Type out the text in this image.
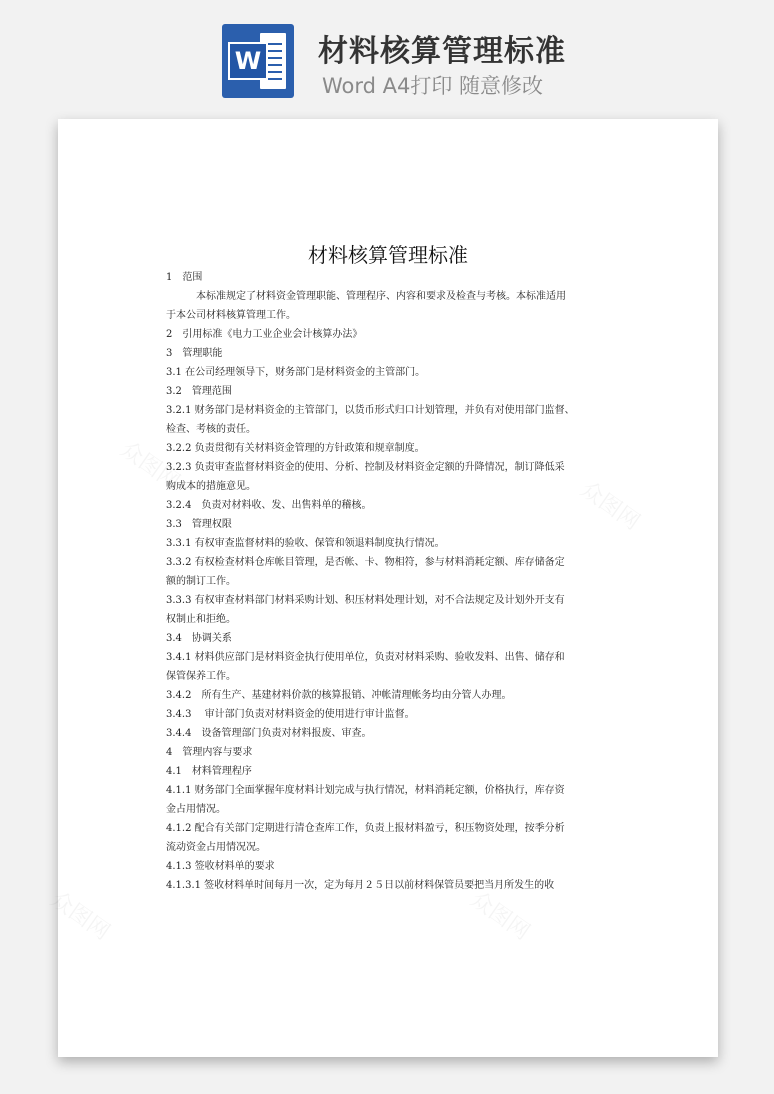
W 材料核算管理标准
Word A4打印 随意修改
材料核算管理标准

1　范围

本标准规定了材料资金管理职能、管理程序、内容和要求及检查与考核。本标准适用

于本公司材料核算管理工作。

2　引用标准《电力工业企业会计核算办法》

3　管理职能

3.1 在公司经理领导下，财务部门是材料资金的主管部门。

3.2　管理范围

3.2.1 财务部门是材料资金的主管部门，以货币形式归口计划管理，并负有对使用部门监督、

检查、考核的责任。

3.2.2 负责贯彻有关材料资金管理的方针政策和规章制度。

3.2.3 负责审查监督材料资金的使用、分析、控制及材料资金定额的升降情况，制订降低采

购成本的措施意见。

3.2.4　负责对材料收、发、出售料单的稽核。

3.3　管理权限

3.3.1 有权审查监督材料的验收、保管和领退料制度执行情况。

3.3.2 有权检查材料仓库帐目管理，是否帐、卡、物相符，参与材料消耗定额、库存储备定

额的制订工作。

3.3.3 有权审查材料部门材料采购计划、积压材料处理计划，对不合法规定及计划外开支有

权制止和拒绝。

3.4　协调关系

3.4.1 材料供应部门是材料资金执行使用单位，负责对材料采购、验收发料、出售、储存和

保管保养工作。

3.4.2　所有生产、基建材料价款的核算报销、冲帐清理帐务均由分管人办理。

3.4.3　 审计部门负责对材料资金的使用进行审计监督。

3.4.4　设备管理部门负责对材料报废、审查。

4　管理内容与要求

4.1　材料管理程序

4.1.1 财务部门全面掌握年度材料计划完成与执行情况，材料消耗定额，价格执行，库存资

金占用情况。

4.1.2 配合有关部门定期进行清仓查库工作，负责上报材料盈亏，积压物资处理，按季分析

流动资金占用情况况。

4.1.3 签收材料单的要求

4.1.3.1 签收材料单时间每月一次，定为每月２５日以前材料保管员要把当月所发生的收
